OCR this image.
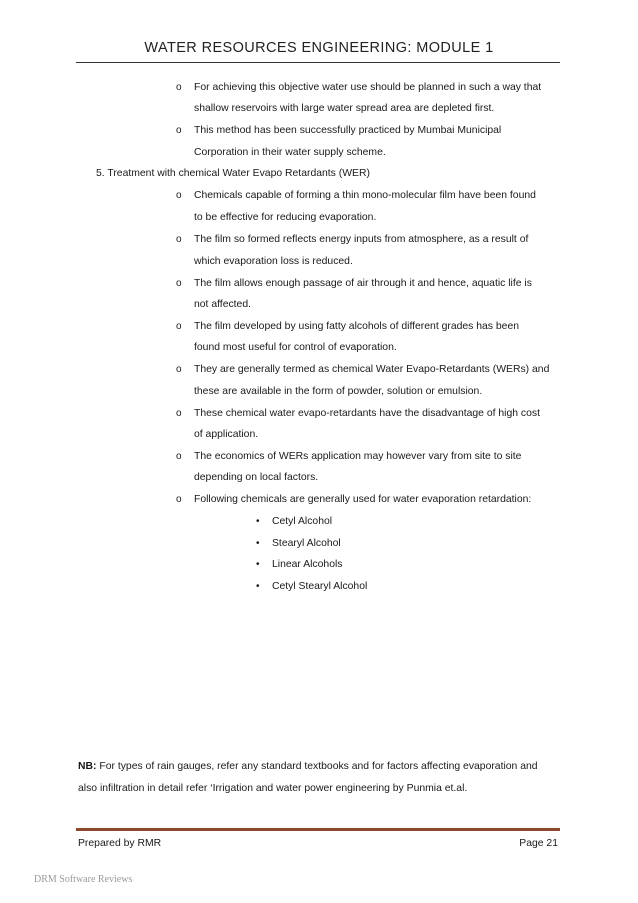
WATER RESOURCES ENGINEERING: MODULE 1
o
o
o
o
o
o
o
o
o
o
For achieving this objective water use should be planned in such a way that
shallow reservoirs with large water spread area are depleted first.
This method has been successfully practiced by Mumbai Municipal
Corporation in their water supply scheme.
5. Treatment with chemical Water Evapo Retardants (WER)
Chemicals capable of forming a thin mono-molecular film have been found
to be effective for reducing evaporation.
The film so formed reflects energy inputs from atmosphere, as a result of
which evaporation loss is reduced.
The film allows enough passage of air through it and hence, aquatic life is
not affected.
The film developed by using fatty alcohols of different grades has been
found most useful for control of evaporation.
They are generally termed as chemical Water Evapo-Retardants (WERs) and
these are available in the form of powder, solution or emulsion.
These chemical water evapo-retardants have the disadvantage of high cost
of application.
The economics of WERs application may however vary from site to site
depending on local factors.
Following chemicals are generally used for water evaporation retardation:
• Cetyl Alcohol
• Stearyl Alcohol
• Linear Alcohols
• Cetyl Stearyl Alcohol
NB: For types of rain gauges, refer any standard textbooks and for factors affecting evaporation and
also infiltration in detail refer ‘Irrigation and water power engineering by Punmia et.al.
Prepared by RMR	Page 21
DRM Software Reviews
